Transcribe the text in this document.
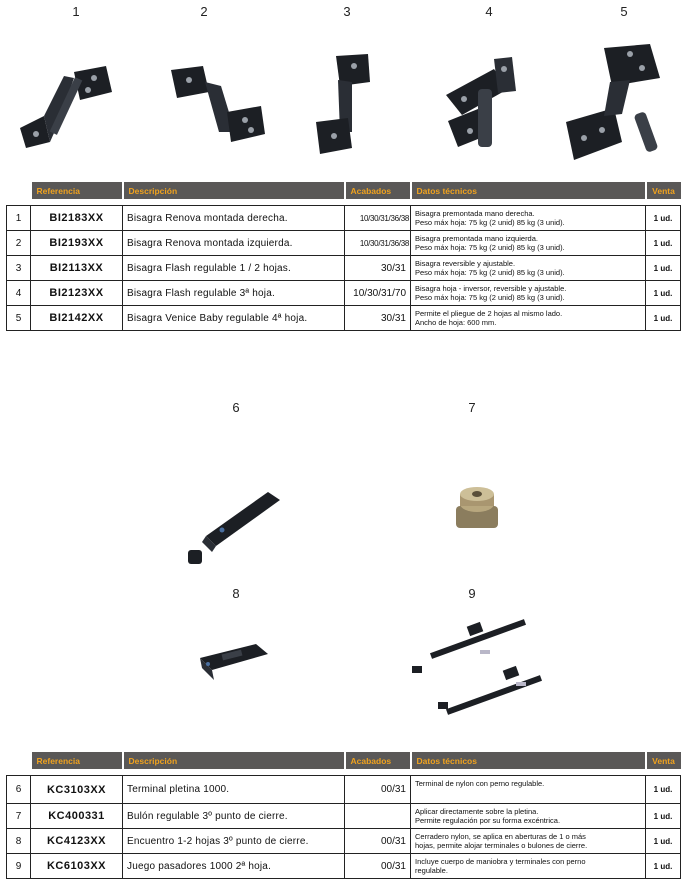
1	2	3	4	5
	Referencia	Descripción	Acabados	Datos técnicos	Venta

1	BI2183XX	Bisagra Renova montada derecha.	10/30/31/36/38	Bisagra premontada mano derecha.
Peso máx hoja: 75 kg (2 unid) 85 kg (3 unid).	1 ud.
2	BI2193XX	Bisagra Renova montada izquierda.	10/30/31/36/38	Bisagra premontada mano izquierda.
Peso máx hoja: 75 kg (2 unid) 85 kg (3 unid).	1 ud.
3	BI2113XX	Bisagra Flash regulable 1 / 2 hojas.	30/31	Bisagra reversible y ajustable.
Peso máx hoja: 75 kg (2 unid) 85 kg (3 unid).	1 ud.
4	BI2123XX	Bisagra Flash regulable 3ª hoja.	10/30/31/70	Bisagra hoja - inversor, reversible y ajustable.
Peso máx hoja: 75 kg (2 unid) 85 kg (3 unid).	1 ud.
5	BI2142XX	Bisagra Venice Baby regulable 4ª hoja.	30/31	Permite el pliegue de 2 hojas al mismo lado.
Ancho de hoja: 600 mm.	1 ud.
6	7
8	9
	Referencia	Descripción	Acabados	Datos técnicos	Venta

6	KC3103XX	Terminal pletina 1000.	00/31	Terminal de nylon con perno regulable.	1 ud.
7	KC400331	Bulón regulable 3º punto de cierre.		Aplicar directamente sobre la pletina.
Permite regulación por su forma excéntrica.	1 ud.
8	KC4123XX	Encuentro 1-2 hojas 3º punto de cierre.	00/31	Cerradero nylon, se aplica en aberturas de 1 o más
hojas, permite alojar terminales o bulones de cierre.	1 ud.
9	KC6103XX	Juego pasadores 1000 2ª hoja.	00/31	Incluye cuerpo de maniobra y terminales con perno
regulable.	1 ud.
